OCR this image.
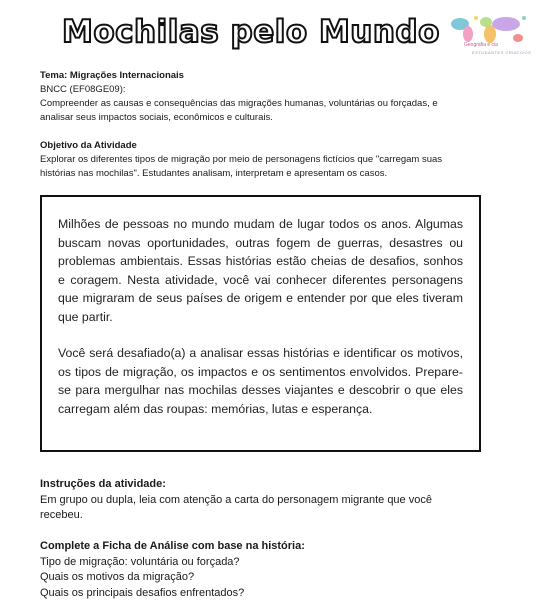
Mochilas pelo Mundo	Geografia e cia
ESTUDANTES CRIATIVOS
Tema: Migrações Internacionais
BNCC (EF08GE09):
Compreender as causas e consequências das migrações humanas, voluntárias ou forçadas, e
analisar seus impactos sociais, econômicos e culturais.
Objetivo da Atividade
Explorar os diferentes tipos de migração por meio de personagens fictícios que "carregam suas
histórias nas mochilas". Estudantes analisam, interpretam e apresentam os casos.

Milhões de pessoas no mundo mudam de lugar todos os anos. Algumas buscam novas oportunidades, outras fogem de guerras, desastres ou problemas ambientais. Essas histórias estão cheias de desafios, sonhos e coragem. Nesta atividade, você vai conhecer diferentes personagens que migraram de seus países de origem e entender por que eles tiveram que partir.

Você será desafiado(a) a analisar essas histórias e identificar os motivos, os tipos de migração, os impactos e os sentimentos envolvidos. Prepare-se para mergulhar nas mochilas desses viajantes e descobrir o que eles carregam além das roupas: memórias, lutas e esperança.

Instruções da atividade:
Em grupo ou dupla, leia com atenção a carta do personagem migrante que você
recebeu.
Complete a Ficha de Análise com base na história:
Tipo de migração: voluntária ou forçada?
Quais os motivos da migração?
Quais os principais desafios enfrentados?
